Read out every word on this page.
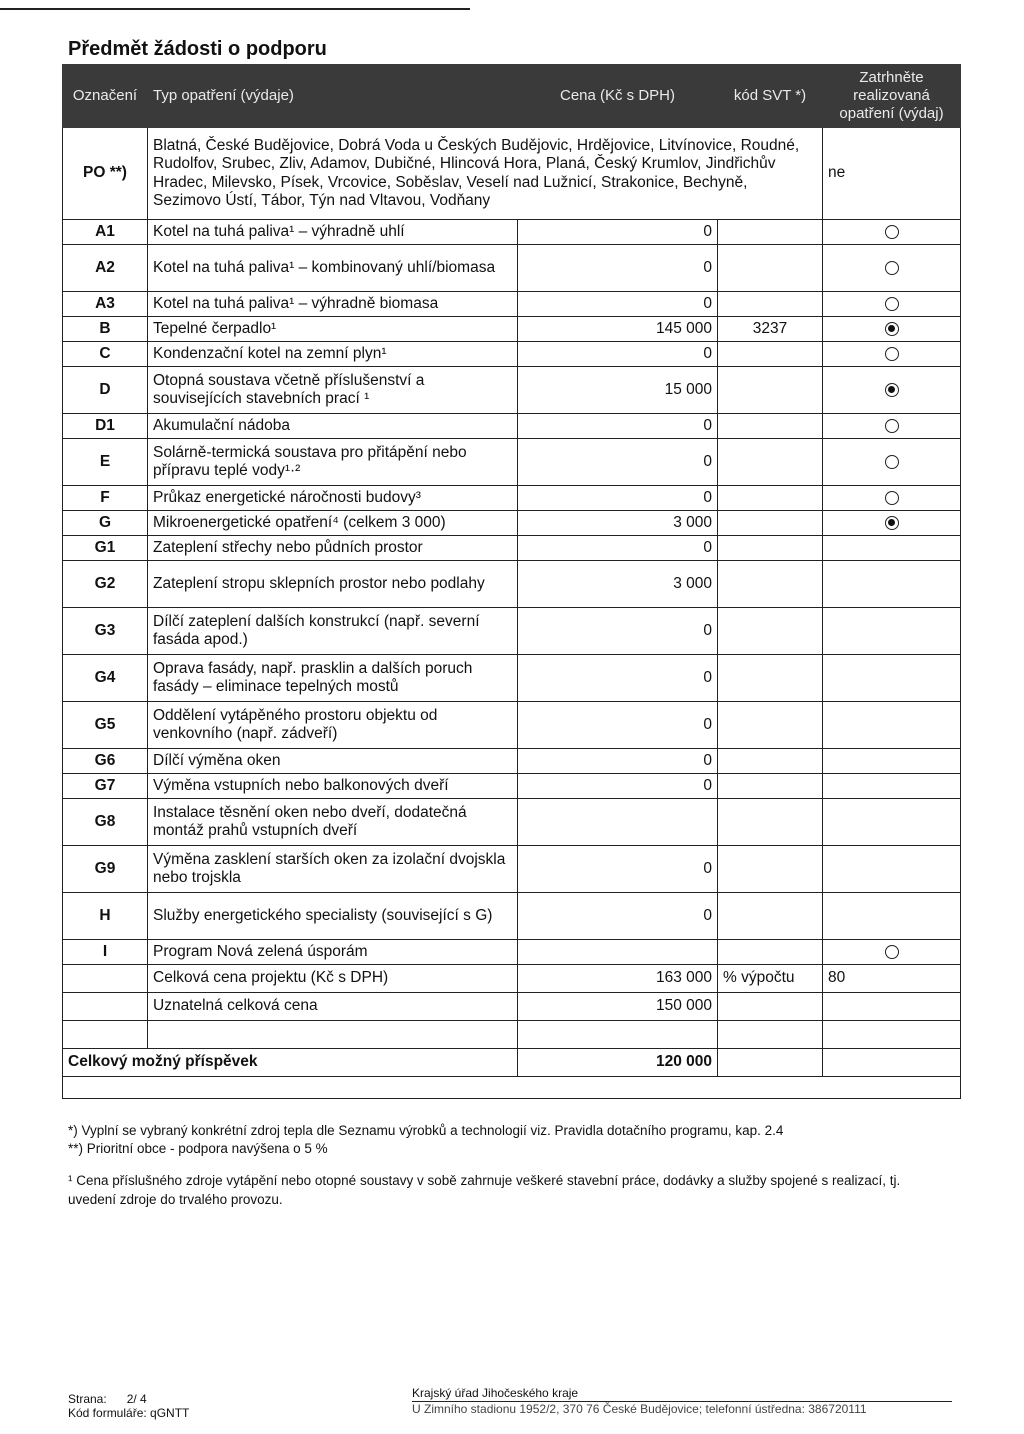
Předmět žádosti o podporu
Označení	Typ opatření (výdaje)	Cena (Kč s DPH)	kód SVT *)	Zatrhněte realizovaná opatření (výdaj)
PO **)	Blatná, České Budějovice, Dobrá Voda u Českých Budějovic, Hrdějovice, Litvínovice, Roudné, Rudolfov, Srubec, Zliv, Adamov, Dubičné, Hlincová Hora, Planá, Český Krumlov, Jindřichův Hradec, Milevsko, Písek, Vrcovice, Soběslav, Veselí nad Lužnicí, Strakonice, Bechyně, Sezimovo Ústí, Tábor, Týn nad Vltavou, Vodňany			ne
A1	Kotel na tuhá paliva¹ – výhradně uhlí	0		
A2	Kotel na tuhá paliva¹ – kombinovaný uhlí/biomasa	0		
A3	Kotel na tuhá paliva¹ – výhradně biomasa	0		
B	Tepelné čerpadlo¹	145 000	3237	
C	Kondenzační kotel na zemní plyn¹	0		
D	Otopná soustava včetně příslušenství a souvisejících stavebních prací ¹	15 000		
D1	Akumulační nádoba	0		
E	Solárně-termická soustava pro přitápění nebo přípravu teplé vody¹·²	0		
F	Průkaz energetické náročnosti budovy³	0		
G	Mikroenergetické opatření⁴ (celkem 3 000)	3 000		
G1	Zateplení střechy nebo půdních prostor	0		
G2	Zateplení stropu sklepních prostor nebo podlahy	3 000		
G3	Dílčí zateplení dalších konstrukcí (např. severní fasáda apod.)	0		
G4	Oprava fasády, např. prasklin a dalších poruch fasády – eliminace tepelných mostů	0		
G5	Oddělení vytápěného prostoru objektu od venkovního (např. zádveří)	0		
G6	Dílčí výměna oken	0		
G7	Výměna vstupních nebo balkonových dveří	0		
G8	Instalace těsnění oken nebo dveří, dodatečná montáž prahů vstupních dveří			
G9	Výměna zasklení starších oken za izolační dvojskla nebo trojskla	0		
H	Služby energetického specialisty (související s G)	0		
I	Program Nová zelená úsporám			
	Celková cena projektu (Kč s DPH)	163 000	% výpočtu	80
	Uznatelná celková cena	150 000		

Celkový možný příspěvek		120 000		

*) Vyplní se vybraný konkrétní zdroj tepla dle Seznamu výrobků a technologií viz. Pravidla dotačního programu, kap. 2.4

**) Prioritní obce - podpora navýšena o 5 %

¹ Cena příslušného zdroje vytápění nebo otopné soustavy v sobě zahrnuje veškeré stavební práce, dodávky a služby spojené s realizací, tj. uvedení zdroje do trvalého provozu.

Strana: 2/ 4
Kód formuláře: qGNTT
Krajský úřad Jihočeského kraje
U Zimního stadionu 1952/2, 370 76 České Budějovice; telefonní ústředna: 386720111
